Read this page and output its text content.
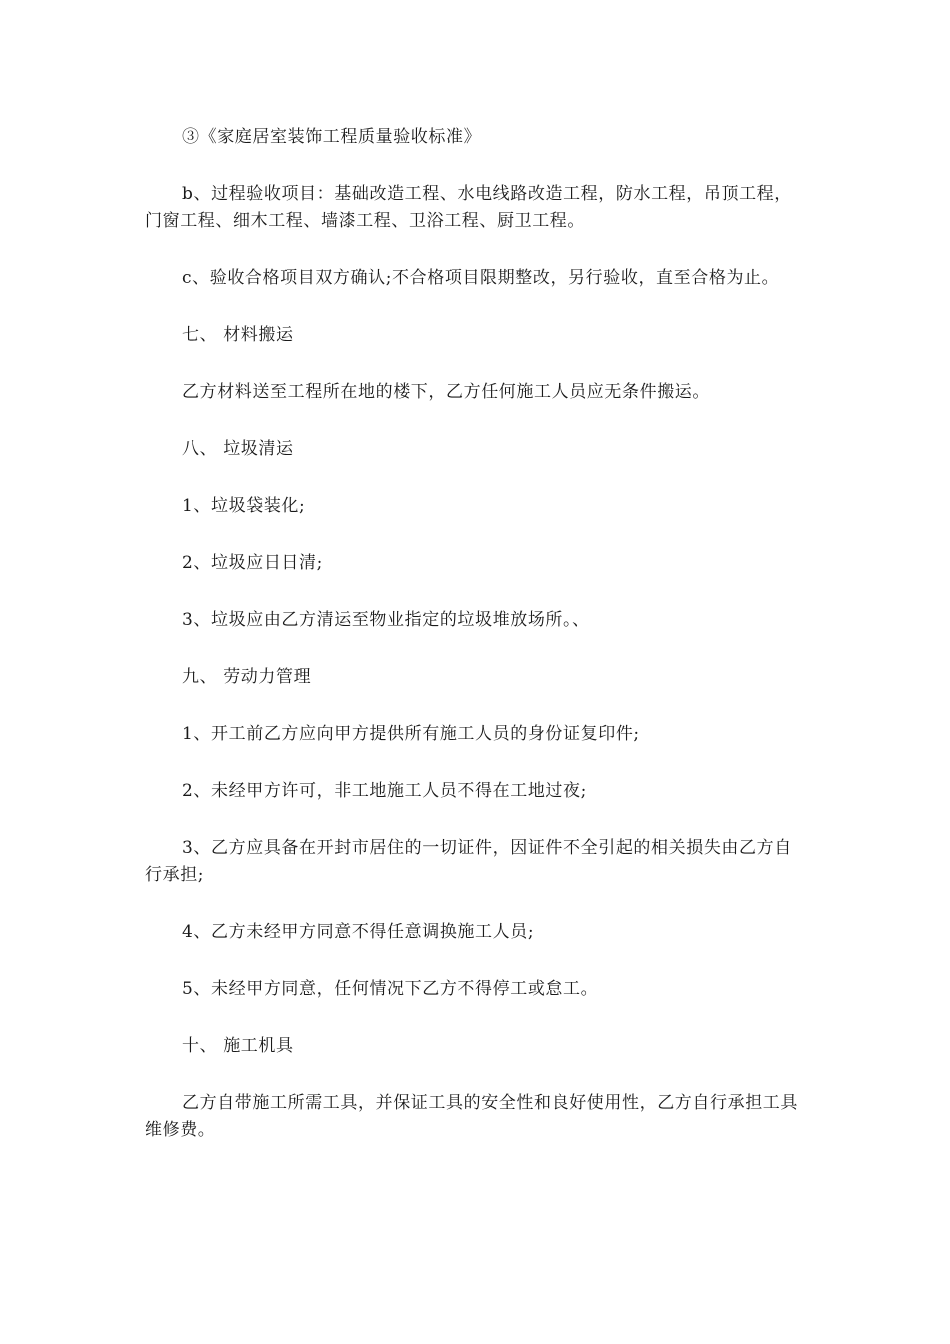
③《家庭居室装饰工程质量验收标准》

b、过程验收项目：基础改造工程、水电线路改造工程，防水工程，吊顶工程，门窗工程、细木工程、墙漆工程、卫浴工程、厨卫工程。

c、验收合格项目双方确认;不合格项目限期整改，另行验收，直至合格为止。

七、 材料搬运

乙方材料送至工程所在地的楼下，乙方任何施工人员应无条件搬运。

八、 垃圾清运

1、垃圾袋装化;

2、垃圾应日日清;

3、垃圾应由乙方清运至物业指定的垃圾堆放场所。、

九、 劳动力管理

1、开工前乙方应向甲方提供所有施工人员的身份证复印件;

2、未经甲方许可，非工地施工人员不得在工地过夜;

3、乙方应具备在开封市居住的一切证件，因证件不全引起的相关损失由乙方自行承担;

4、乙方未经甲方同意不得任意调换施工人员;

5、未经甲方同意，任何情况下乙方不得停工或怠工。

十、 施工机具

乙方自带施工所需工具，并保证工具的安全性和良好使用性，乙方自行承担工具维修费。
